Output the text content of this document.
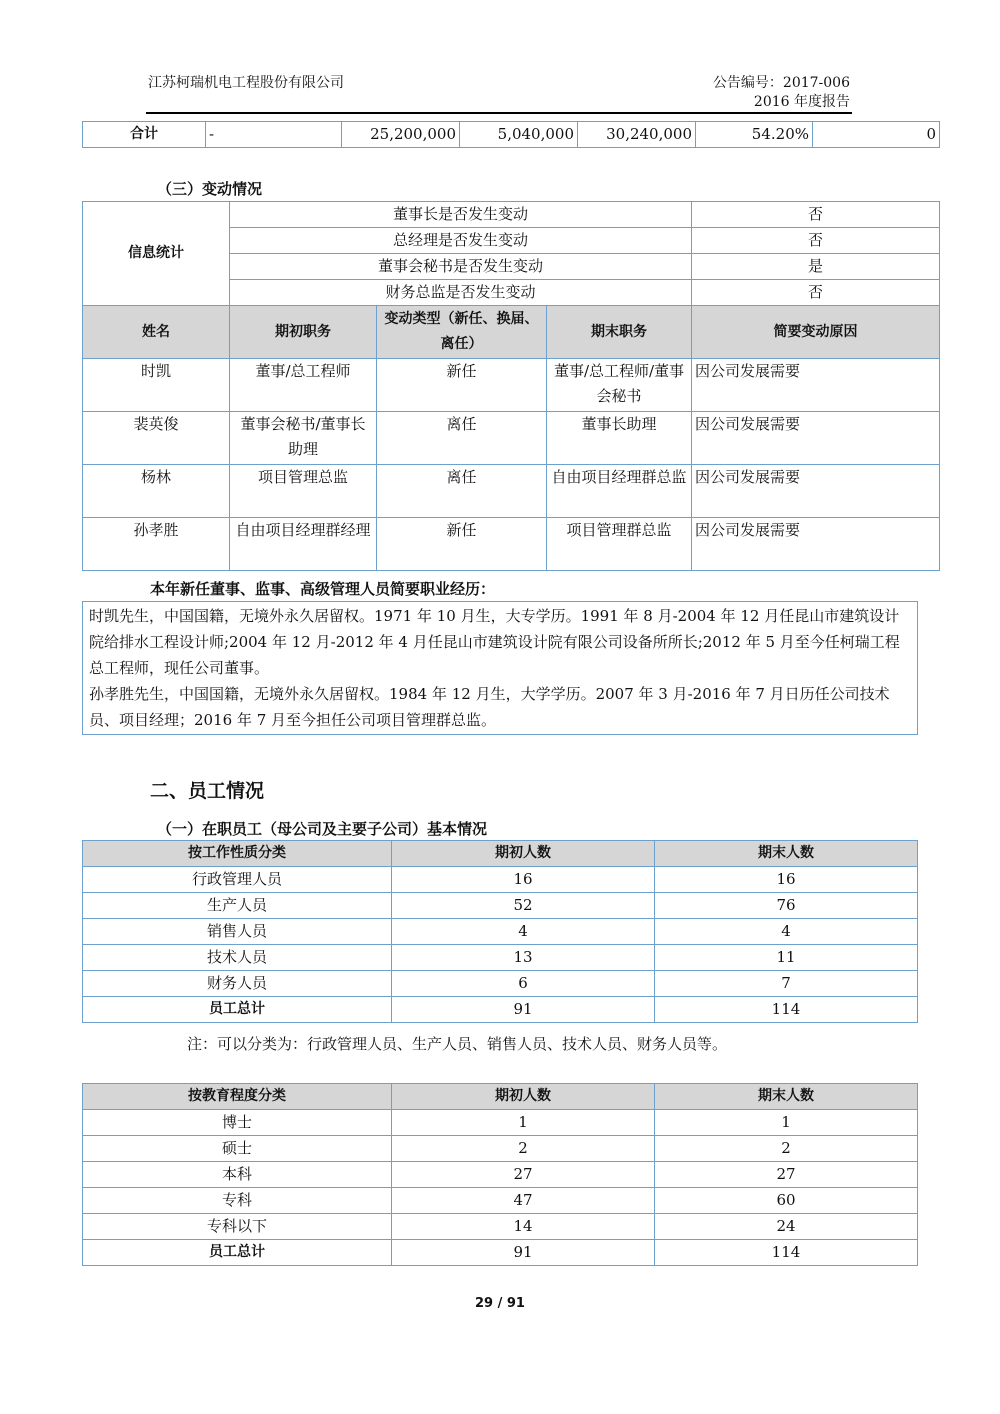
江苏柯瑞机电工程股份有限公司	公告编号：2017-006
2016 年度报告
合计	-	25,200,000	5,040,000	30,240,000	54.20%	0
（三）变动情况
信息统计	董事长是否发生变动			否
	总经理是否发生变动			否
	董事会秘书是否发生变动			是
	财务总监是否发生变动			否
姓名	期初职务	变动类型（新任、换届、离任）	期末职务	简要变动原因
时凯	董事/总工程师	新任	董事/总工程师/董事会秘书	因公司发展需要
裴英俊	董事会秘书/董事长助理	离任	董事长助理	因公司发展需要
杨林	项目管理总监	离任	自由项目经理群总监	因公司发展需要
孙孝胜	自由项目经理群经理	新任	项目管理群总监	因公司发展需要
本年新任董事、监事、高级管理人员简要职业经历：
时凯先生，中国国籍，无境外永久居留权。1971 年 10 月生，大专学历。1991 年 8 月-2004 年 12 月任昆山市建筑设计院给排水工程设计师;2004 年 12 月-2012 年 4 月任昆山市建筑设计院有限公司设备所所长;2012 年 5 月至今任柯瑞工程总工程师，现任公司董事。
孙孝胜先生，中国国籍，无境外永久居留权。1984 年 12 月生，大学学历。2007 年 3 月-2016 年 7 月日历任公司技术员、项目经理；2016 年 7 月至今担任公司项目管理群总监。
二、员工情况
（一）在职员工（母公司及主要子公司）基本情况
按工作性质分类	期初人数	期末人数
行政管理人员	16	16
生产人员	52	76
销售人员	4	4
技术人员	13	11
财务人员	6	7
员工总计	91	114
注：可以分类为：行政管理人员、生产人员、销售人员、技术人员、财务人员等。
按教育程度分类	期初人数	期末人数
博士	1	1
硕士	2	2
本科	27	27
专科	47	60
专科以下	14	24
员工总计	91	114
29 / 91
